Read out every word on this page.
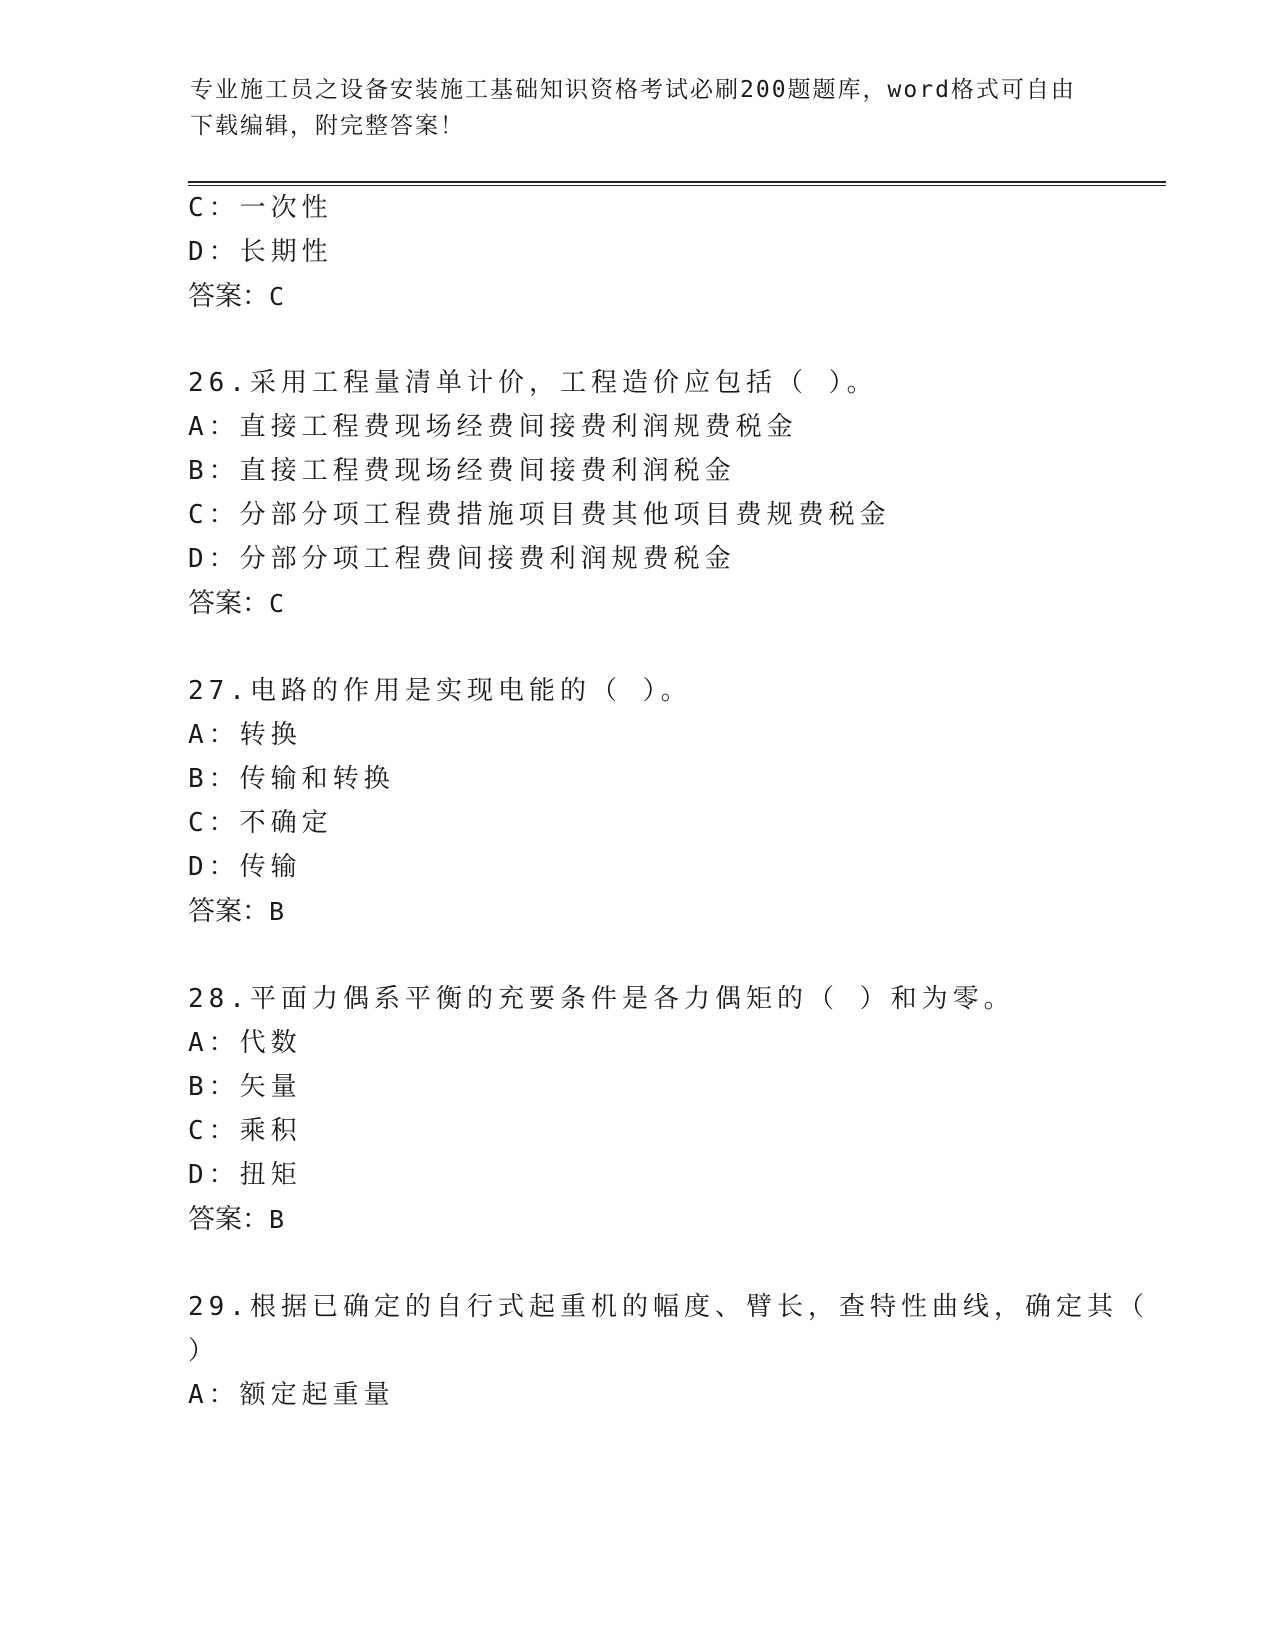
专业施工员之设备安装施工基础知识资格考试必刷200题题库，word格式可自由
下载编辑，附完整答案！
C：一次性
D：长期性
答案：C
26.采用工程量清单计价，工程造价应包括（ ）。
A：直接工程费现场经费间接费利润规费税金
B：直接工程费现场经费间接费利润税金
C：分部分项工程费措施项目费其他项目费规费税金
D：分部分项工程费间接费利润规费税金
答案：C
27.电路的作用是实现电能的（ ）。
A：转换
B：传输和转换
C：不确定
D：传输
答案：B
28.平面力偶系平衡的充要条件是各力偶矩的（ ）和为零。
A：代数
B：矢量
C：乘积
D：扭矩
答案：B
29.根据已确定的自行式起重机的幅度、臂长，查特性曲线，确定其（
）
A：额定起重量
